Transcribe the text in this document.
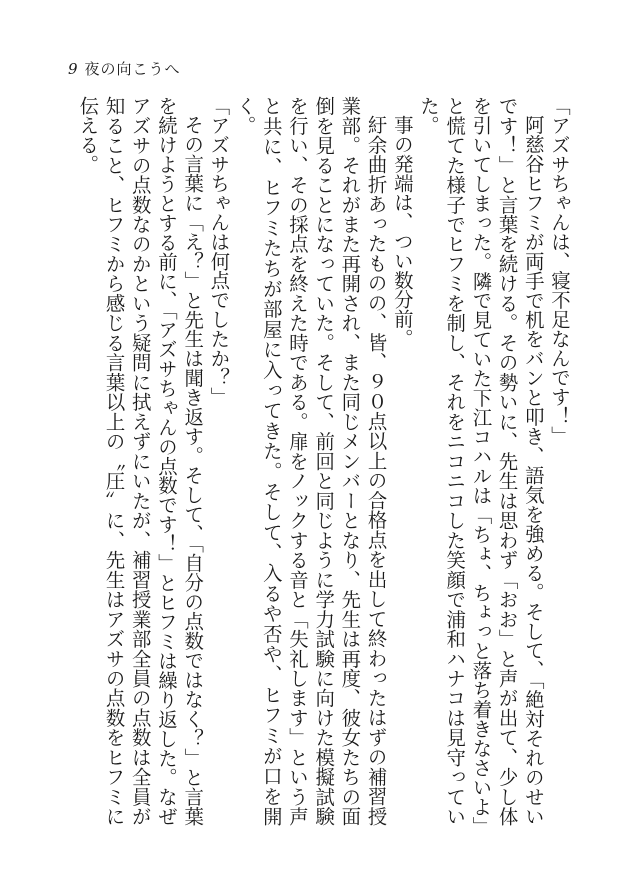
9 夜の向こうへ

「アズサちゃんは、寝不足なんです！」

阿慈谷ヒフミが両手で机をバンと叩き、語気を強める。そして、「絶対それのせいです！」と言葉を続ける。その勢いに、先生は思わず「おお」と声が出て、少し体を引いてしまった。隣で見ていた下江コハルは「ちょ、ちょっと落ち着きなさいよ」と慌てた様子でヒフミを制し、それをニコニコした笑顔で浦和ハナコは見守っていた。

事の発端は、つい数分前。

紆余曲折あったものの、皆、９０点以上の合格点を出して終わったはずの補習授業部。それがまた再開され、また同じメンバーとなり、先生は再度、彼女たちの面倒を見ることになっていた。そして、前回と同じように学力試験に向けた模擬試験を行い、その採点を終えた時である。扉をノックする音と「失礼します」という声と共に、ヒフミたちが部屋に入ってきた。そして、入るや否や、ヒフミが口を開く。

「アズサちゃんは何点でしたか？」

その言葉に「え？」と先生は聞き返す。そして、「自分の点数ではなく？」と言葉を続けようとする前に、「アズサちゃんの点数です！」とヒフミは繰り返した。なぜアズサの点数なのかという疑問に拭えずにいたが、補習授業部全員の点数は全員が知ること、ヒフミから感じる言葉以上の〝圧〟に、先生はアズサの点数をヒフミに伝える。
